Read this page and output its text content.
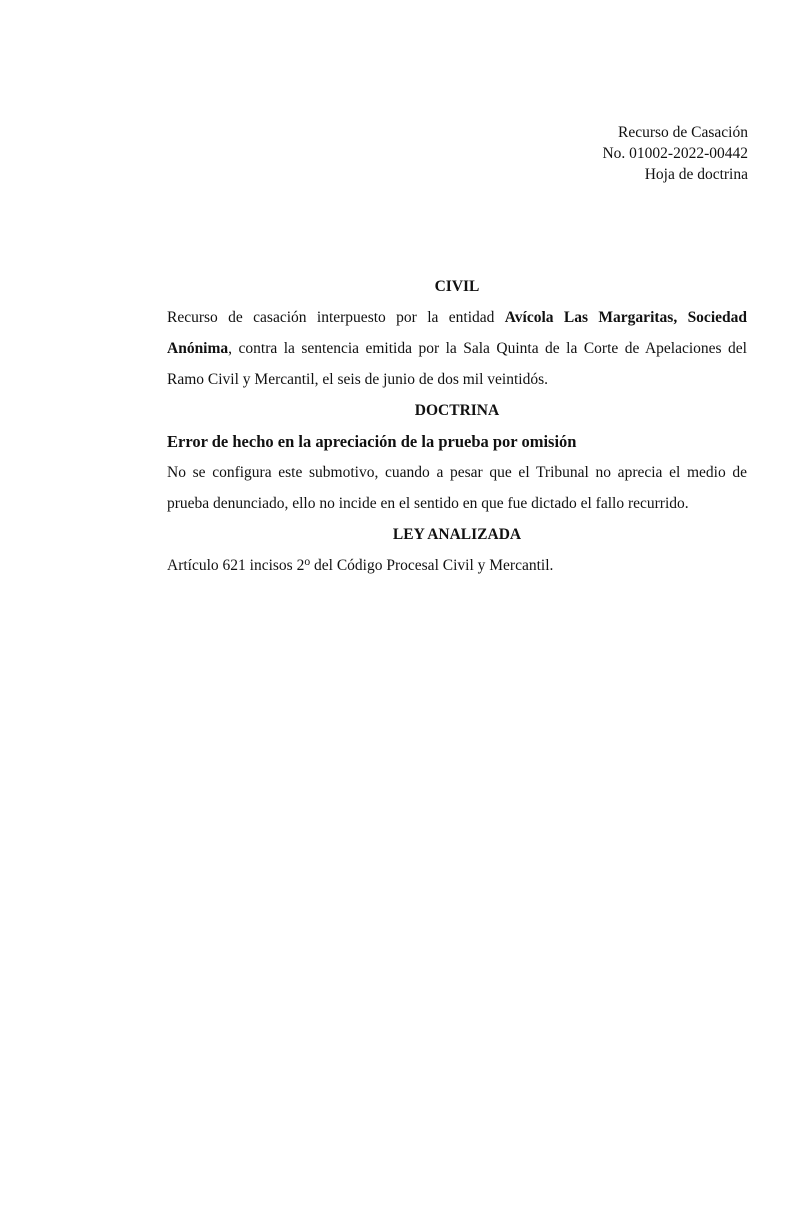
Recurso de Casación
No. 01002-2022-00442
Hoja de doctrina

CIVIL

Recurso de casación interpuesto por la entidad Avícola Las Margaritas, Sociedad Anónima, contra la sentencia emitida por la Sala Quinta de la Corte de Apelaciones del Ramo Civil y Mercantil, el seis de junio de dos mil veintidós.

DOCTRINA

Error de hecho en la apreciación de la prueba por omisión

No se configura este submotivo, cuando a pesar que el Tribunal no aprecia el medio de prueba denunciado, ello no incide en el sentido en que fue dictado el fallo recurrido.

LEY ANALIZADA

Artículo 621 incisos 2$^o$ del Código Procesal Civil y Mercantil.
